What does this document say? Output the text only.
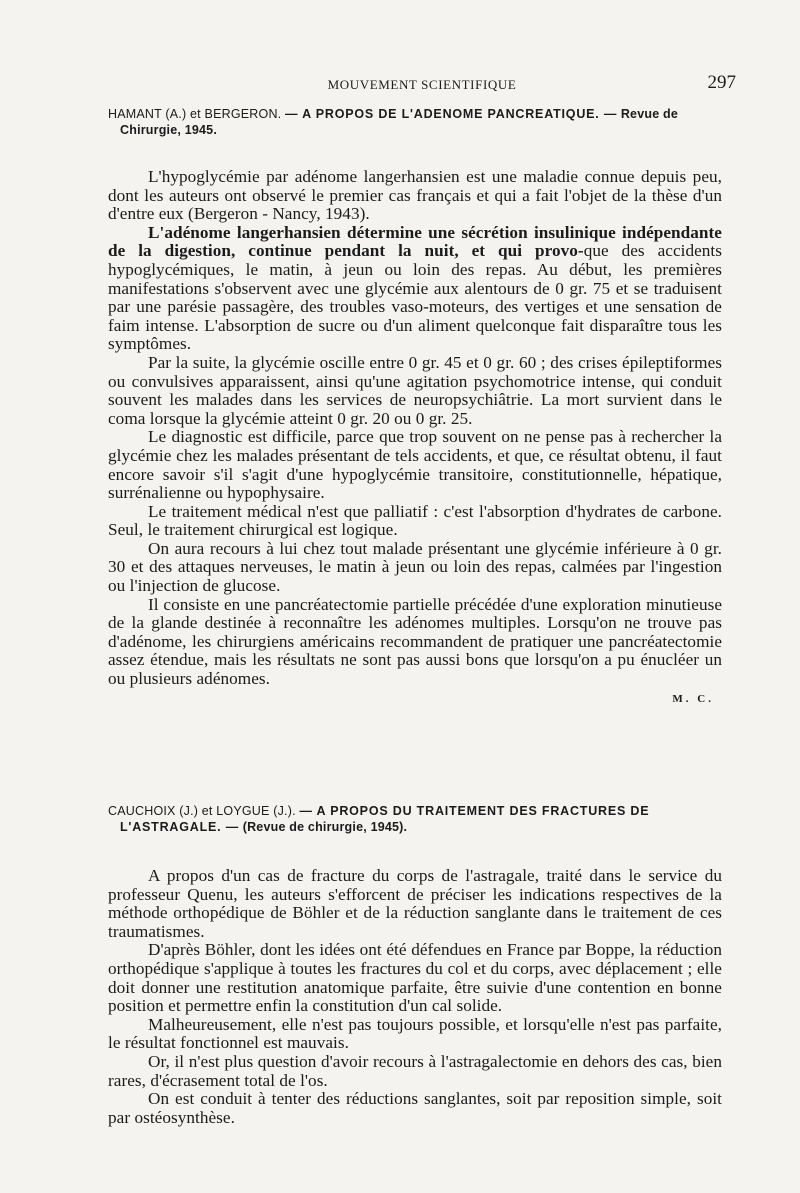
MOUVEMENT SCIENTIFIQUE	297

HAMANT (A.) et BERGERON. — A PROPOS DE L'ADENOME PANCREATIQUE. — Revue de Chirurgie, 1945.

L'hypoglycémie par adénome langerhansien est une maladie connue depuis peu, dont les auteurs ont observé le premier cas français et qui a fait l'objet de la thèse d'un d'entre eux (Bergeron - Nancy, 1943).

L'adénome langerhansien détermine une sécrétion insulinique indépendante de la digestion, continue pendant la nuit, et qui provo-que des accidents hypoglycémiques, le matin, à jeun ou loin des repas. Au début, les premières manifestations s'observent avec une glycémie aux alentours de 0 gr. 75 et se traduisent par une parésie passagère, des troubles vaso-moteurs, des vertiges et une sensation de faim intense. L'absorption de sucre ou d'un aliment quelconque fait disparaître tous les symptômes.

Par la suite, la glycémie oscille entre 0 gr. 45 et 0 gr. 60 ; des crises épileptiformes ou convulsives apparaissent, ainsi qu'une agitation psychomotrice intense, qui conduit souvent les malades dans les services de neuropsychiâtrie. La mort survient dans le coma lorsque la glycémie atteint 0 gr. 20 ou 0 gr. 25.

Le diagnostic est difficile, parce que trop souvent on ne pense pas à rechercher la glycémie chez les malades présentant de tels accidents, et que, ce résultat obtenu, il faut encore savoir s'il s'agit d'une hypoglycémie transitoire, constitutionnelle, hépatique, surrénalienne ou hypophysaire.

Le traitement médical n'est que palliatif : c'est l'absorption d'hydrates de carbone. Seul, le traitement chirurgical est logique.

On aura recours à lui chez tout malade présentant une glycémie inférieure à 0 gr. 30 et des attaques nerveuses, le matin à jeun ou loin des repas, calmées par l'ingestion ou l'injection de glucose.

Il consiste en une pancréatectomie partielle précédée d'une exploration minutieuse de la glande destinée à reconnaître les adénomes multiples. Lorsqu'on ne trouve pas d'adénome, les chirurgiens américains recommandent de pratiquer une pancréatectomie assez étendue, mais les résultats ne sont pas aussi bons que lorsqu'on a pu énucléer un ou plusieurs adénomes.

M. C.

CAUCHOIX (J.) et LOYGUE (J.). — A PROPOS DU TRAITEMENT DES FRACTURES DE L'ASTRAGALE. — (Revue de chirurgie, 1945).

A propos d'un cas de fracture du corps de l'astragale, traité dans le service du professeur Quenu, les auteurs s'efforcent de préciser les indications respectives de la méthode orthopédique de Böhler et de la réduction sanglante dans le traitement de ces traumatismes.

D'après Böhler, dont les idées ont été défendues en France par Boppe, la réduction orthopédique s'applique à toutes les fractures du col et du corps, avec déplacement ; elle doit donner une restitution anatomique parfaite, être suivie d'une contention en bonne position et permettre enfin la constitution d'un cal solide.

Malheureusement, elle n'est pas toujours possible, et lorsqu'elle n'est pas parfaite, le résultat fonctionnel est mauvais.

Or, il n'est plus question d'avoir recours à l'astragalectomie en dehors des cas, bien rares, d'écrasement total de l'os.

On est conduit à tenter des réductions sanglantes, soit par reposition simple, soit par ostéosynthèse.
